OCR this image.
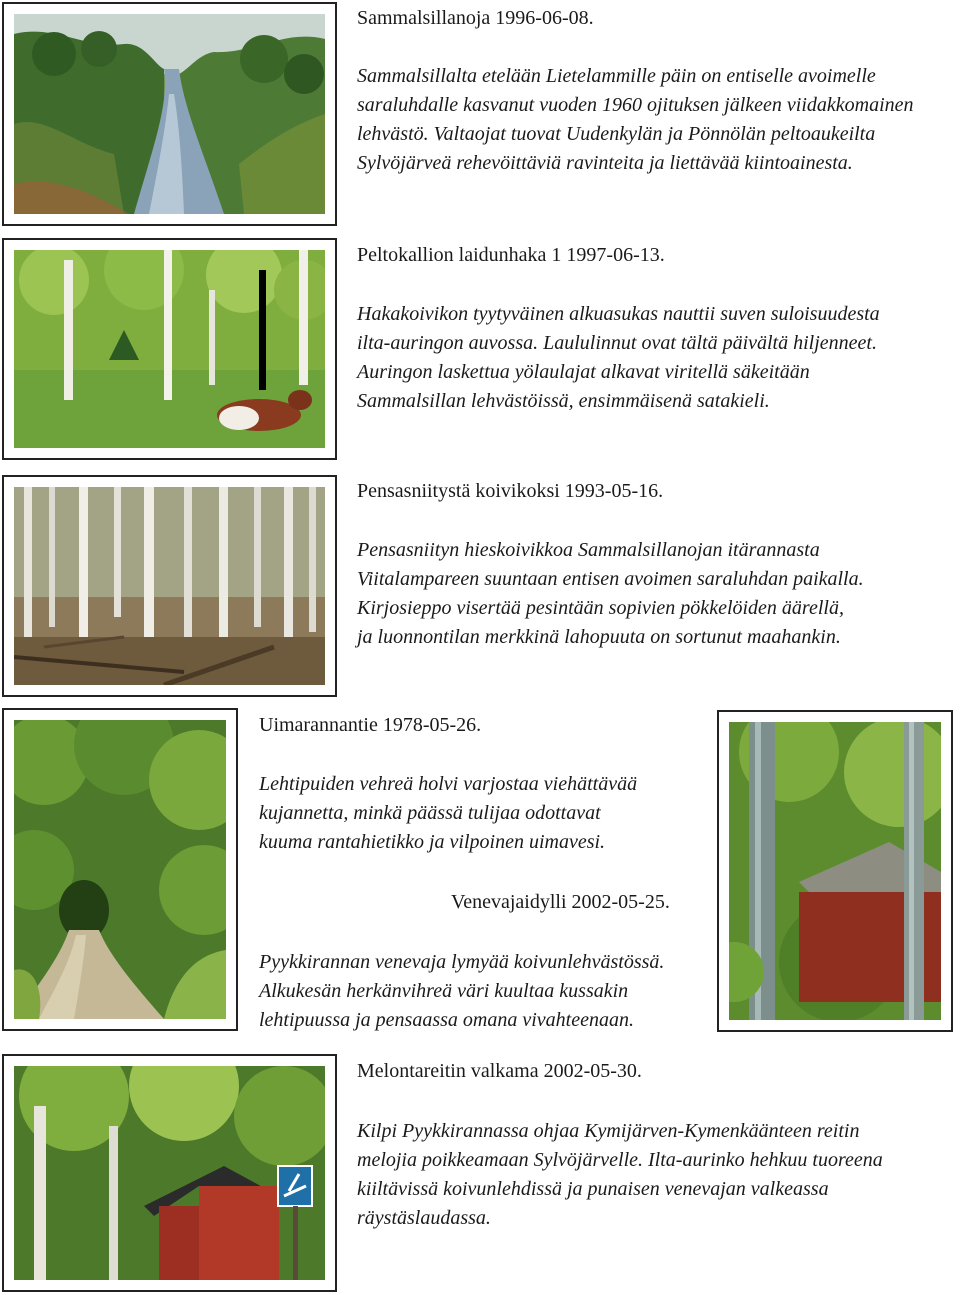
Sammalsillanoja 1996-06-08.

Sammalsillalta etelään Lietelammille päin on entiselle avoimelle
saraluhdalle kasvanut vuoden 1960 ojituksen jälkeen viidakkomainen
lehvästö. Valtaojat tuovat Uudenkylän ja Pönnölän peltoaukeilta
Sylvöjärveä rehevöittäviä ravinteita ja liettävää kiintoainesta.

Peltokallion laidunhaka 1 1997-06-13.

Hakakoivikon tyytyväinen alkuasukas nauttii suven suloisuudesta
ilta-auringon auvossa. Laululinnut ovat tältä päivältä hiljenneet.
Auringon laskettua yölaulajat alkavat viritellä säkeitään
Sammalsillan lehvästöissä, ensimmäisenä satakieli.

Pensasniitystä koivikoksi 1993-05-16.

Pensasniityn hieskoivikkoa Sammalsillanojan itärannasta
Viitalampareen suuntaan entisen avoimen saraluhdan paikalla.
Kirjosieppo visertää pesintään sopivien pökkelöiden äärellä,
ja luonnontilan merkkinä lahopuuta on sortunut maahankin.

Uimarannantie 1978-05-26.

Lehtipuiden vehreä holvi varjostaa viehättävää
kujannetta, minkä päässä tulijaa odottavat
kuuma rantahietikko ja vilpoinen uimavesi.

Venevajaidylli 2002-05-25.

Pyykkirannan venevaja lymyää koivunlehvästössä.
Alkukesän herkänvihreä väri kuultaa kussakin
lehtipuussa ja pensaassa omana vivahteenaan.

Melontareitin valkama 2002-05-30.

Kilpi Pyykkirannassa ohjaa Kymijärven-Kymenkäänteen reitin
melojia poikkeamaan Sylvöjärvelle. Ilta-aurinko hehkuu tuoreena
kiiltävissä koivunlehdissä ja punaisen venevajan valkeassa
räystäslaudassa.
